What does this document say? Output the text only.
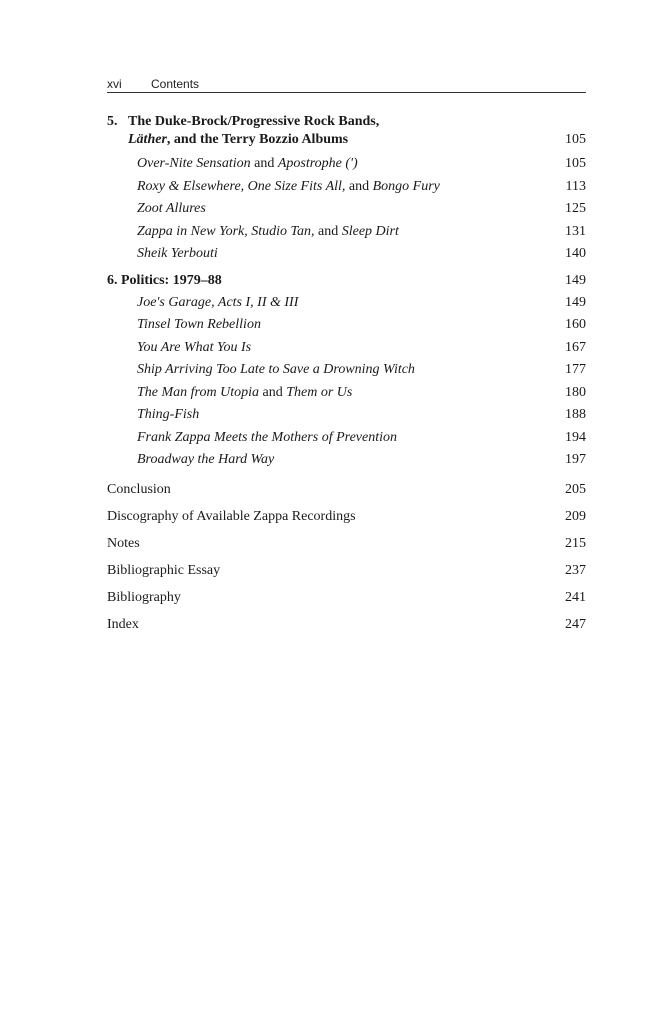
xvi Contents
5. The Duke-Brock/Progressive Rock Bands,
Läther, and the Terry Bozzio Albums	105
Over-Nite Sensation and Apostrophe (')	105
Roxy & Elsewhere, One Size Fits All, and Bongo Fury	113
Zoot Allures	125
Zappa in New York, Studio Tan, and Sleep Dirt	131
Sheik Yerbouti	140
6. Politics: 1979–88	149
Joe's Garage, Acts I, II & III	149
Tinsel Town Rebellion	160
You Are What You Is	167
Ship Arriving Too Late to Save a Drowning Witch	177
The Man from Utopia and Them or Us	180
Thing-Fish	188
Frank Zappa Meets the Mothers of Prevention	194
Broadway the Hard Way	197
Conclusion	205
Discography of Available Zappa Recordings	209
Notes	215
Bibliographic Essay	237
Bibliography	241
Index	247
